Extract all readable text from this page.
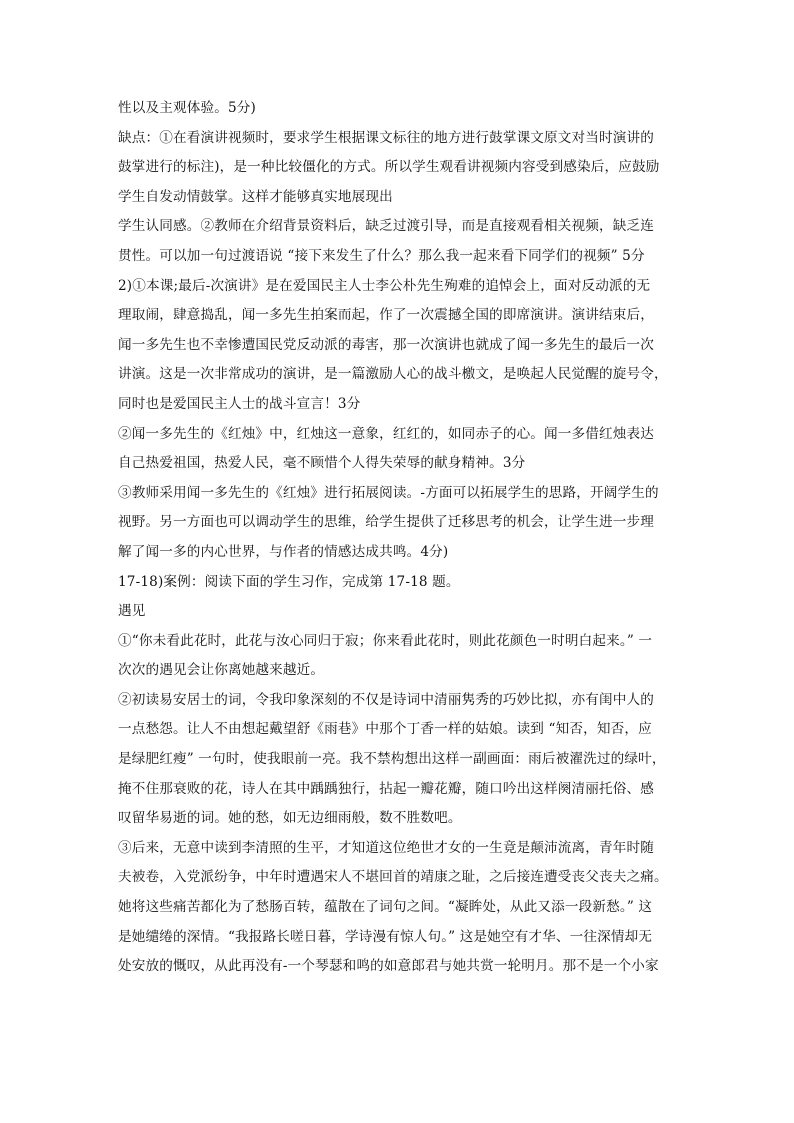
性以及主观体验。5分)
缺点：①在看演讲视频时，要求学生根据课文标往的地方进行鼓掌课文原文对当时演讲的
鼓掌进行的标注)，是一种比较僵化的方式。所以学生观看讲视频内容受到感染后，应鼓励
学生自发动情鼓掌。这样才能够真实地展现出
学生认同感。②教师在介绍背景资料后，缺乏过渡引导，而是直接观看相关视频，缺乏连
贯性。可以加一句过渡语说 “接下来发生了什么？那么我一起来看下同学们的视频” 5分
2)①本课;最后-次演讲》是在爱国民主人士李公朴先生殉难的追悼会上，面对反动派的无
理取闹，肆意捣乱，闻一多先生拍案而起，作了一次震撼全国的即席演讲。演讲结束后，
闻一多先生也不幸惨遭国民党反动派的毒害，那一次演讲也就成了闻一多先生的最后一次
讲演。这是一次非常成功的演讲，是一篇激励人心的战斗檄文，是唤起人民觉醒的旋号令，
同时也是爱国民主人士的战斗宣言！3分
②闻一多先生的《红烛》中，红烛这一意象，红红的，如同赤子的心。闻一多借红烛表达
自己热爱祖国，热爱人民，毫不顾惜个人得失荣辱的献身精神。3分
③教师采用闻一多先生的《红烛》进行拓展阅读。-方面可以拓展学生的思路，开阔学生的
视野。另一方面也可以调动学生的思维，给学生提供了迁移思考的机会，让学生进一步理
解了闻一多的内心世界，与作者的情感达成共鸣。4分)
17-18)案例：阅读下面的学生习作，完成第 17-18 题。
遇见
①“你未看此花时，此花与汝心同归于寂；你来看此花时，则此花颜色一时明白起来。” 一
次次的遇见会让你离她越来越近。
②初读易安居士的词，令我印象深刻的不仅是诗词中清丽隽秀的巧妙比拟，亦有闺中人的
一点愁怨。让人不由想起戴望舒《雨巷》中那个丁香一样的姑娘。读到 “知否，知否，应
是绿肥红瘦” 一句时，使我眼前一亮。我不禁构想出这样一副画面：雨后被濯洗过的绿叶，
掩不住那衰败的花，诗人在其中踽踽独行，拈起一瓣花瓣，随口吟出这样阕清丽托俗、感
叹留华易逝的词。她的愁，如无边细雨般，数不胜数吧。
③后来，无意中读到李清照的生平，才知道这位绝世才女的一生竟是颠沛流离，青年时随
夫被卷，入党派纷争，中年时遭遇宋人不堪回首的靖康之耻，之后接连遭受丧父丧夫之痛。
她将这些痛苦都化为了愁肠百转，蕴散在了词句之间。“凝眸处，从此又添一段新愁。” 这
是她缱绻的深情。“我报路长嗟日暮，学诗漫有惊人句。” 这是她空有才华、一往深情却无
处安放的慨叹，从此再没有-一个琴瑟和鸣的如意郎君与她共赏一轮明月。那不是一个小家
